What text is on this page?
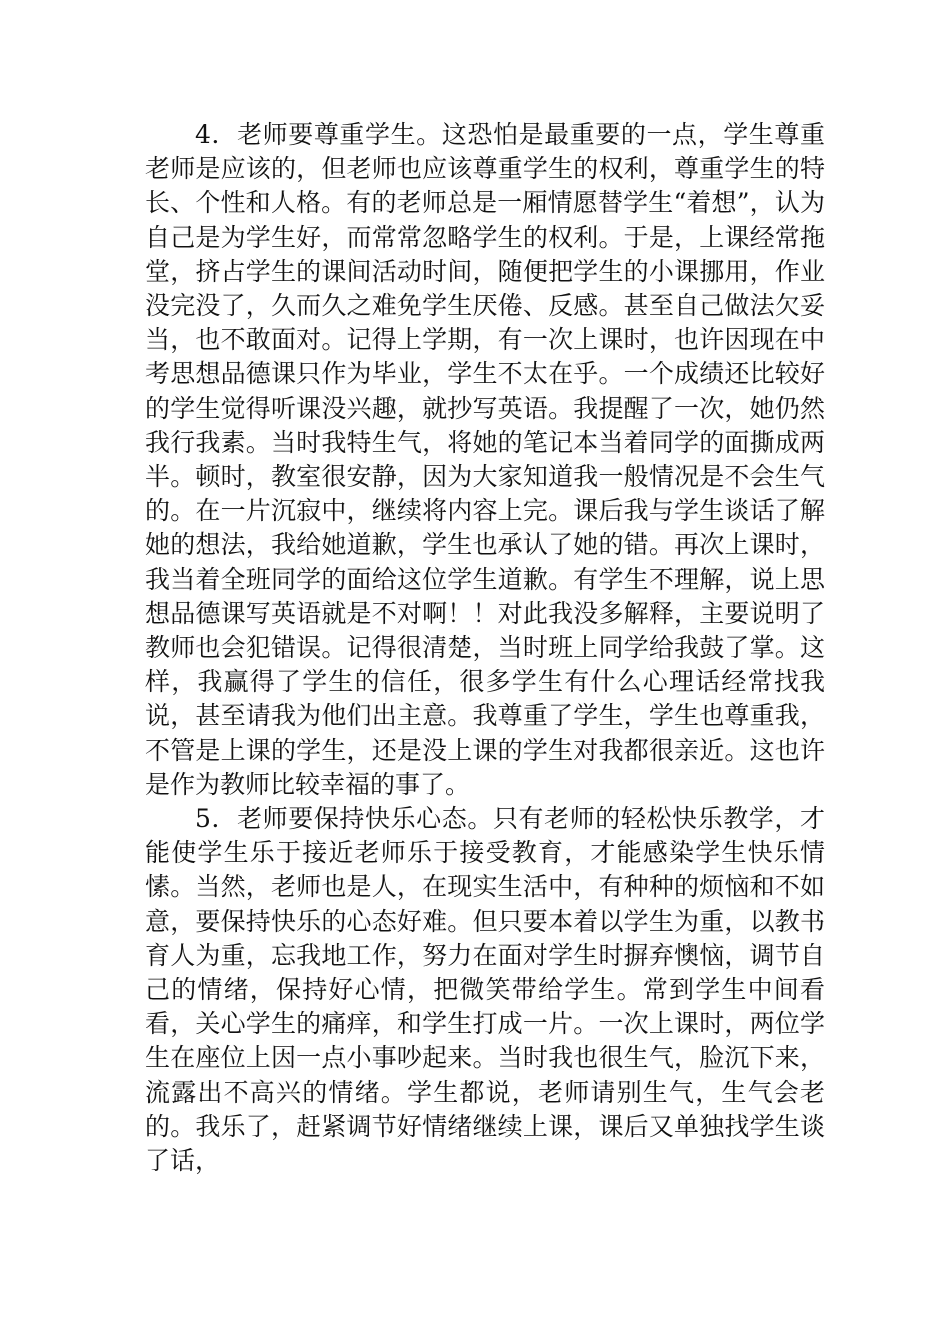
4．老师要尊重学生。这恐怕是最重要的一点，学生尊重老师是应该的，但老师也应该尊重学生的权利，尊重学生的特长、个性和人格。有的老师总是一厢情愿替学生“着想”，认为自己是为学生好，而常常忽略学生的权利。于是，上课经常拖堂，挤占学生的课间活动时间，随便把学生的小课挪用，作业没完没了，久而久之难免学生厌倦、反感。甚至自己做法欠妥当，也不敢面对。记得上学期，有一次上课时，也许因现在中考思想品德课只作为毕业，学生不太在乎。一个成绩还比较好的学生觉得听课没兴趣，就抄写英语。我提醒了一次，她仍然我行我素。当时我特生气，将她的笔记本当着同学的面撕成两半。顿时，教室很安静，因为大家知道我一般情况是不会生气的。在一片沉寂中，继续将内容上完。课后我与学生谈话了解她的想法，我给她道歉，学生也承认了她的错。再次上课时，我当着全班同学的面给这位学生道歉。有学生不理解，说上思想品德课写英语就是不对啊！！对此我没多解释，主要说明了教师也会犯错误。记得很清楚，当时班上同学给我鼓了掌。这样，我赢得了学生的信任，很多学生有什么心理话经常找我说，甚至请我为他们出主意。我尊重了学生，学生也尊重我，不管是上课的学生，还是没上课的学生对我都很亲近。这也许是作为教师比较幸福的事了。

5．老师要保持快乐心态。只有老师的轻松快乐教学，才能使学生乐于接近老师乐于接受教育，才能感染学生快乐情愫。当然，老师也是人，在现实生活中，有种种的烦恼和不如意，要保持快乐的心态好难。但只要本着以学生为重，以教书育人为重，忘我地工作，努力在面对学生时摒弃懊恼，调节自己的情绪，保持好心情，把微笑带给学生。常到学生中间看看，关心学生的痛痒，和学生打成一片。一次上课时，两位学生在座位上因一点小事吵起来。当时我也很生气，脸沉下来，流露出不高兴的情绪。学生都说，老师请别生气，生气会老的。我乐了，赶紧调节好情绪继续上课，课后又单独找学生谈了话，
